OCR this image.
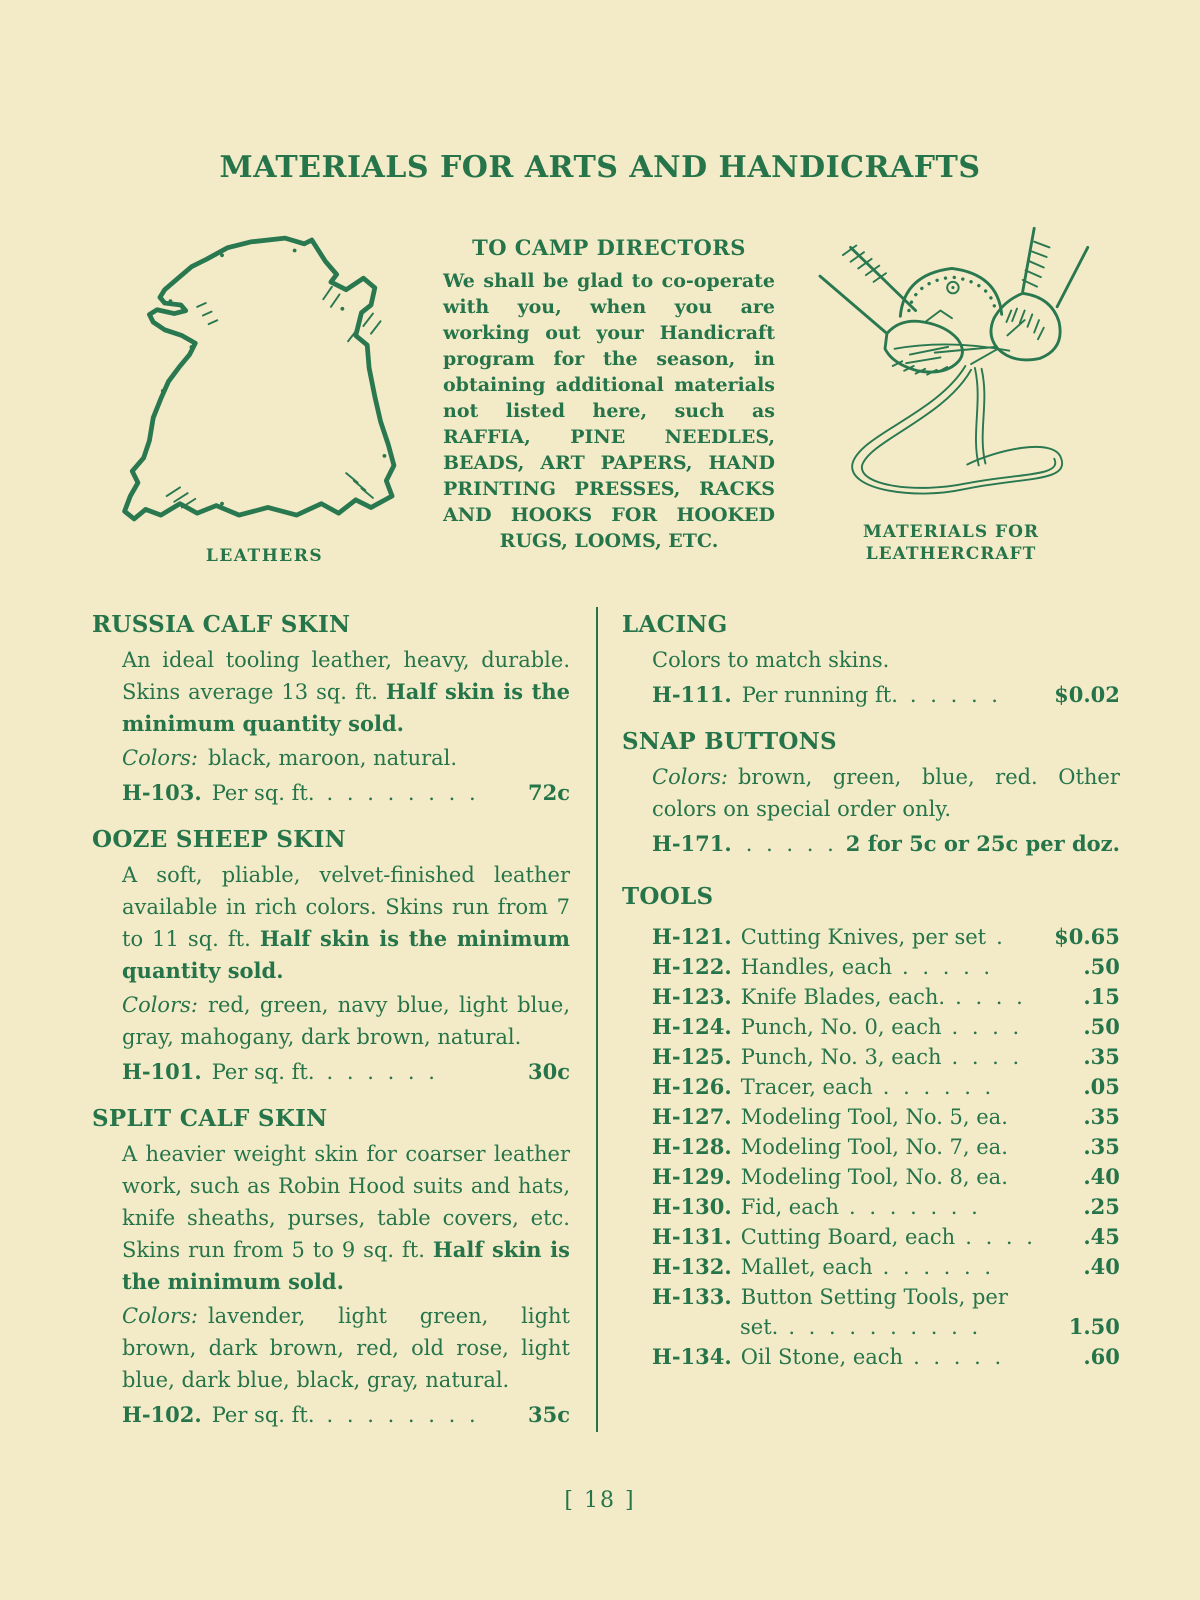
MATERIALS FOR ARTS AND HANDICRAFTS
LEATHERS
TO CAMP DIRECTORS

We shall be glad to co-operate with you, when you are working out your Handicraft program for the season, in obtaining additional materials not listed here, such as RAFFIA, PINE NEEDLES, BEADS, ART PAPERS, HAND PRINTING PRESSES, RACKS AND HOOKS FOR HOOKED RUGS, LOOMS, ETC.	MATERIALS FOR
LEATHERCRAFT
RUSSIA CALF SKIN

An ideal tooling leather, heavy, durable. Skins average 13 sq. ft. Half skin is the minimum quantity sold.

Colors: black, maroon, natural.

H-103. Per sq. ft. . . . . . . . .	72c
OOZE SHEEP SKIN

A soft, pliable, velvet-finished leather available in rich colors. Skins run from 7 to 11 sq. ft. Half skin is the minimum quantity sold.

Colors: red, green, navy blue, light blue, gray, mahogany, dark brown, natural.

H-101. Per sq. ft. . . . . . .	30c
SPLIT CALF SKIN

A heavier weight skin for coarser leather work, such as Robin Hood suits and hats, knife sheaths, purses, table covers, etc. Skins run from 5 to 9 sq. ft. Half skin is the minimum sold.

Colors: lavender, light green, light brown, dark brown, red, old rose, light blue, dark blue, black, gray, natural.

H-102. Per sq. ft. . . . . . . . .	35c
LACING

Colors to match skins.

H-111. Per running ft. . . . . .	$0.02
SNAP BUTTONS

Colors: brown, green, blue, red. Other colors on special order only.

H-171. . . . . . 2 for 5c or 25c per doz.
TOOLS
H-121. Cutting Knives, per set .	$0.65
H-122. Handles, each . . . . .	.50
H-123. Knife Blades, each. . . . .	.15
H-124. Punch, No. 0, each . . . .	.50
H-125. Punch, No. 3, each . . . .	.35
H-126. Tracer, each . . . . . .	.05
H-127. Modeling Tool, No. 5, ea.	.35
H-128. Modeling Tool, No. 7, ea.	.35
H-129. Modeling Tool, No. 8, ea.	.40
H-130. Fid, each . . . . . . .	.25
H-131. Cutting Board, each . . . .	.45
H-132. Mallet, each . . . . . .	.40
H-133. Button Setting Tools, per
set. . . . . . . . . . .	1.50
H-134. Oil Stone, each . . . . .	.60
[ 18 ]
